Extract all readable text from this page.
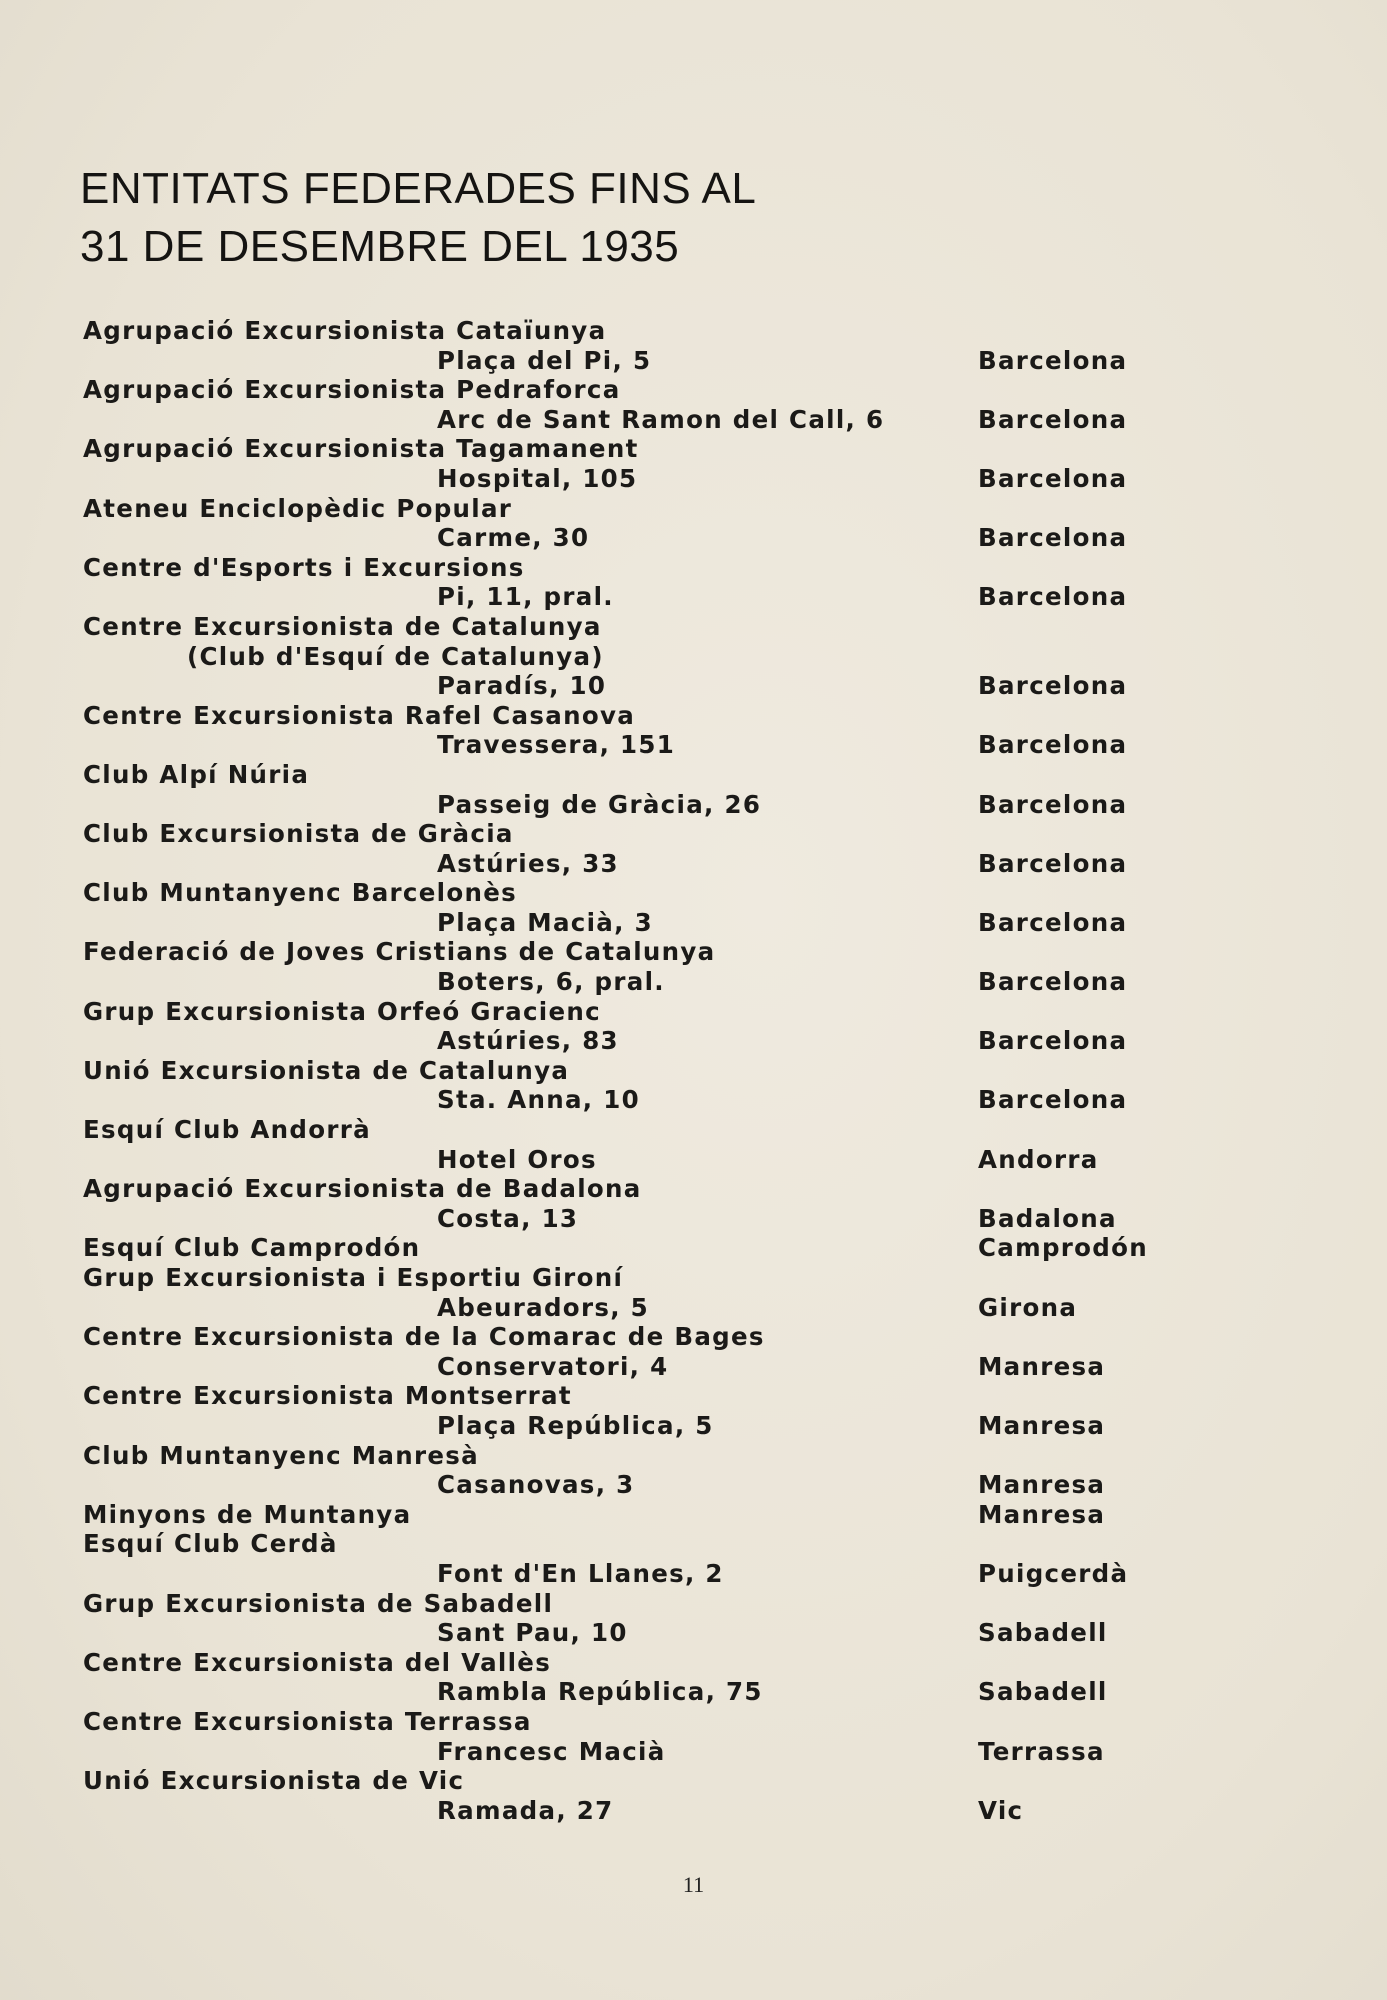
ENTITATS FEDERADES FINS AL
31 DE DESEMBRE DEL 1935
Agrupació Excursionista Cataïunya
Plaça del Pi, 5	Barcelona
Agrupació Excursionista Pedraforca
Arc de Sant Ramon del Call, 6	Barcelona
Agrupació Excursionista Tagamanent
Hospital, 105	Barcelona
Ateneu Enciclopèdic Popular
Carme, 30	Barcelona
Centre d'Esports i Excursions
Pi, 11, pral.	Barcelona
Centre Excursionista de Catalunya
(Club d'Esquí de Catalunya)
Paradís, 10	Barcelona
Centre Excursionista Rafel Casanova
Travessera, 151	Barcelona
Club Alpí Núria
Passeig de Gràcia, 26	Barcelona
Club Excursionista de Gràcia
Astúries, 33	Barcelona
Club Muntanyenc Barcelonès
Plaça Macià, 3	Barcelona
Federació de Joves Cristians de Catalunya
Boters, 6, pral.	Barcelona
Grup Excursionista Orfeó Gracienc
Astúries, 83	Barcelona
Unió Excursionista de Catalunya
Sta. Anna, 10	Barcelona
Esquí Club Andorrà
Hotel Oros	Andorra
Agrupació Excursionista de Badalona
Costa, 13	Badalona
Esquí Club Camprodón	Camprodón
Grup Excursionista i Esportiu Gironí
Abeuradors, 5	Girona
Centre Excursionista de la Comarac de Bages
Conservatori, 4	Manresa
Centre Excursionista Montserrat
Plaça República, 5	Manresa
Club Muntanyenc Manresà
Casanovas, 3	Manresa
Minyons de Muntanya	Manresa
Esquí Club Cerdà
Font d'En Llanes, 2	Puigcerdà
Grup Excursionista de Sabadell
Sant Pau, 10	Sabadell
Centre Excursionista del Vallès
Rambla República, 75	Sabadell
Centre Excursionista Terrassa
Francesc Macià	Terrassa
Unió Excursionista de Vic
Ramada, 27	Vic
11
